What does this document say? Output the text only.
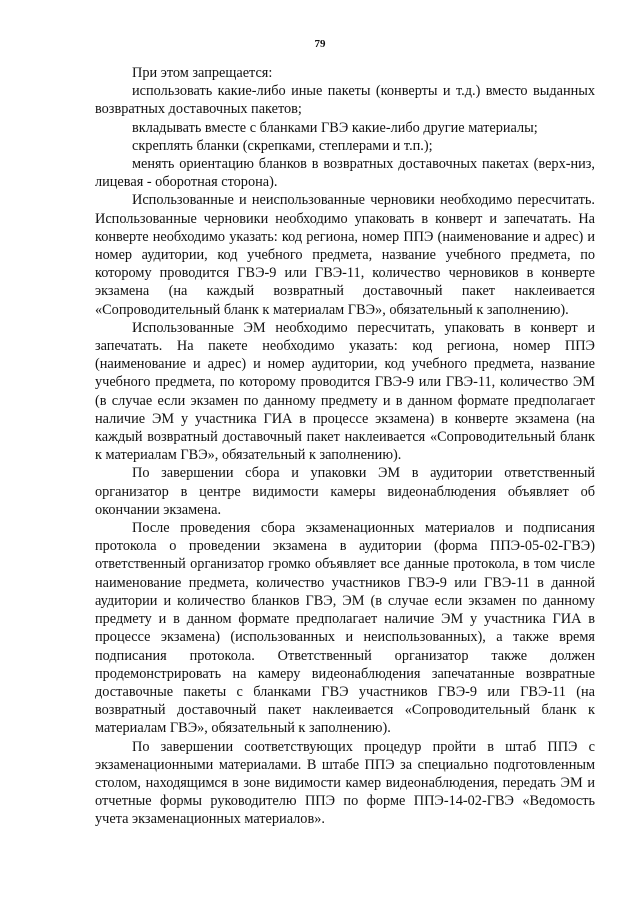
79

При этом запрещается:

использовать какие-либо иные пакеты (конверты и т.д.) вместо выданных возвратных доставочных пакетов;

вкладывать вместе с бланками ГВЭ какие-либо другие материалы;

скреплять бланки (скрепками, степлерами и т.п.);

менять ориентацию бланков в возвратных доставочных пакетах (верх-низ, лицевая - оборотная сторона).

Использованные и неиспользованные черновики необходимо пересчитать. Использованные черновики необходимо упаковать в конверт и запечатать. На конверте необходимо указать: код региона, номер ППЭ (наименование и адрес) и номер аудитории, код учебного предмета, название учебного предмета, по которому проводится ГВЭ-9 или ГВЭ-11, количество черновиков в конверте экзамена (на каждый возвратный доставочный пакет наклеивается «Сопроводительный бланк к материалам ГВЭ», обязательный к заполнению).

Использованные ЭМ необходимо пересчитать, упаковать в конверт и запечатать. На пакете необходимо указать: код региона, номер ППЭ (наименование и адрес) и номер аудитории, код учебного предмета, название учебного предмета, по которому проводится ГВЭ-9 или ГВЭ-11, количество ЭМ (в случае если экзамен по данному предмету и в данном формате предполагает наличие ЭМ у участника ГИА в процессе экзамена) в конверте экзамена (на каждый возвратный доставочный пакет наклеивается «Сопроводительный бланк к материалам ГВЭ», обязательный к заполнению).

По завершении сбора и упаковки ЭМ в аудитории ответственный организатор в центре видимости камеры видеонаблюдения объявляет об окончании экзамена.

После проведения сбора экзаменационных материалов и подписания протокола о проведении экзамена в аудитории (форма ППЭ-05-02-ГВЭ) ответственный организатор громко объявляет все данные протокола, в том числе наименование предмета, количество участников ГВЭ-9 или ГВЭ-11 в данной аудитории и количество бланков ГВЭ, ЭМ (в случае если экзамен по данному предмету и в данном формате предполагает наличие ЭМ у участника ГИА в процессе экзамена) (использованных и неиспользованных), а также время подписания протокола. Ответственный организатор также должен продемонстрировать на камеру видеонаблюдения запечатанные возвратные доставочные пакеты с бланками ГВЭ участников ГВЭ-9 или ГВЭ-11 (на возвратный доставочный пакет наклеивается «Сопроводительный бланк к материалам ГВЭ», обязательный к заполнению).

По завершении соответствующих процедур пройти в штаб ППЭ с экзаменационными материалами. В штабе ППЭ за специально подготовленным столом, находящимся в зоне видимости камер видеонаблюдения, передать ЭМ и отчетные формы руководителю ППЭ по форме ППЭ-14-02-ГВЭ «Ведомость учета экзаменационных материалов».
